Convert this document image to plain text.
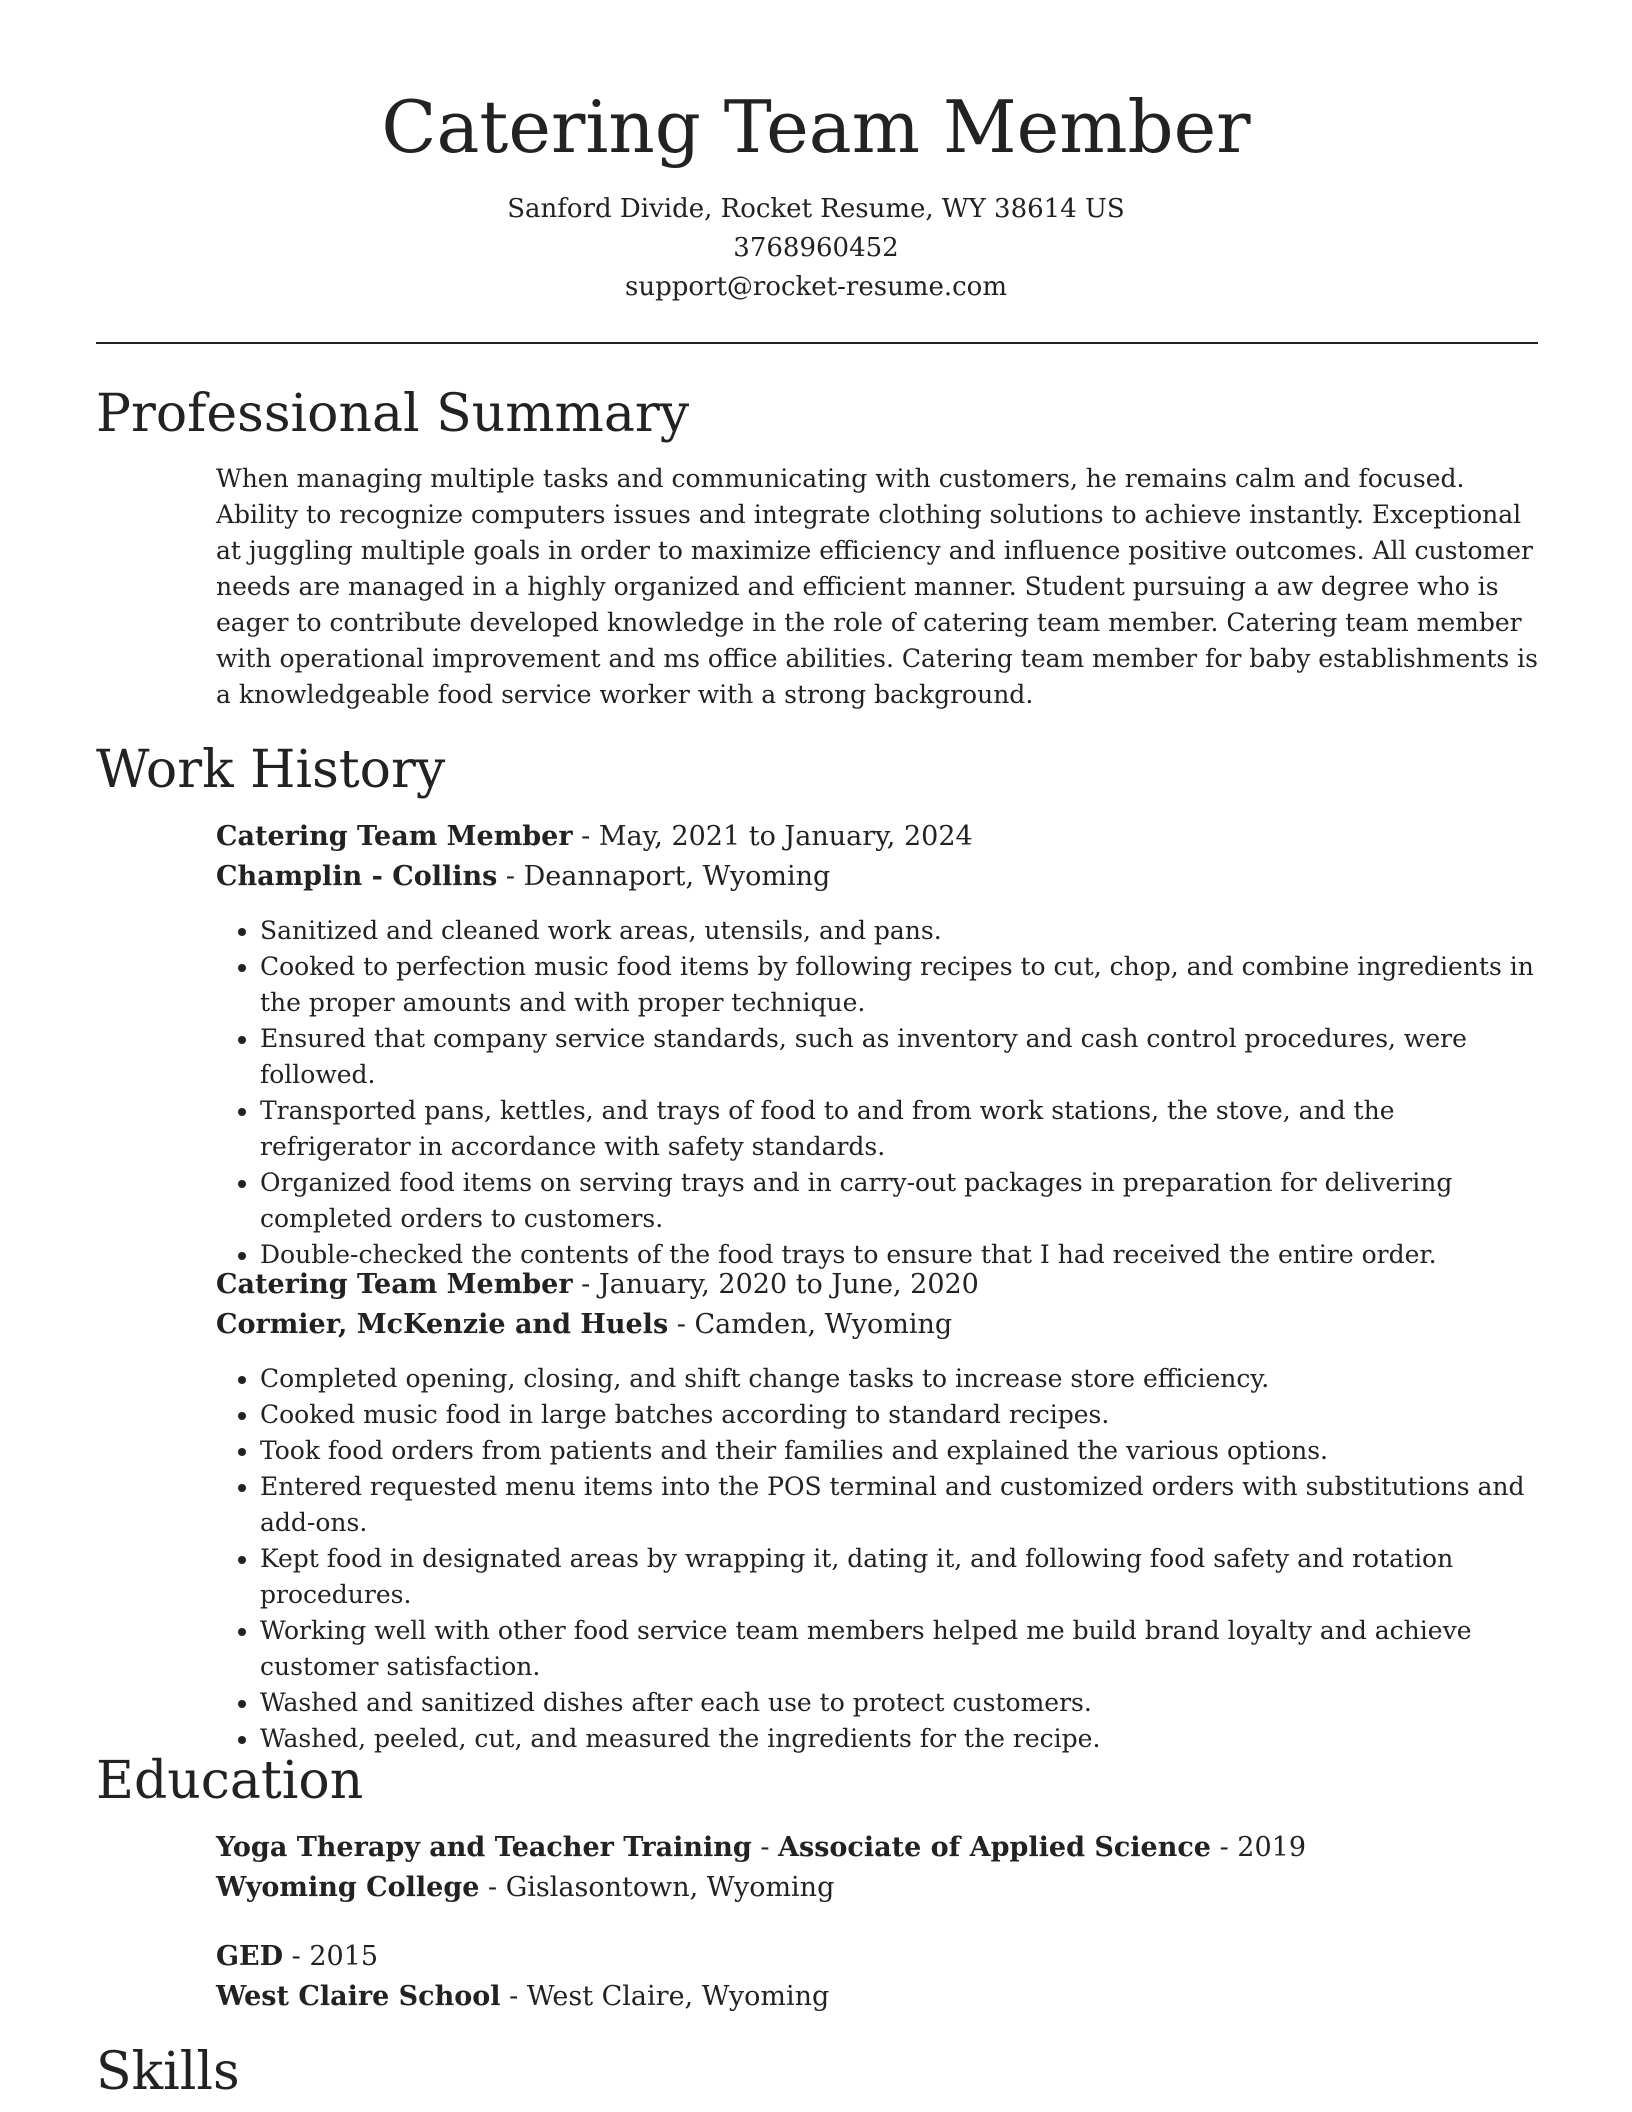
Catering Team Member
Sanford Divide, Rocket Resume, WY 38614 US
3768960452
support@rocket-resume.com
Professional Summary

When managing multiple tasks and communicating with customers, he remains calm and focused. Ability to recognize computers issues and integrate clothing solutions to achieve instantly. Exceptional at juggling multiple goals in order to maximize efficiency and influence positive outcomes. All customer needs are managed in a highly organized and efficient manner. Student pursuing a aw degree who is eager to contribute developed knowledge in the role of catering team member. Catering team member with operational improvement and ms office abilities. Catering team member for baby establishments is a knowledgeable food service worker with a strong background.

Work History
Catering Team Member - May, 2021 to January, 2024
Champlin - Collins - Deannaport, Wyoming
• Sanitized and cleaned work areas, utensils, and pans.
• Cooked to perfection music food items by following recipes to cut, chop, and combine ingredients in the proper amounts and with proper technique.
• Ensured that company service standards, such as inventory and cash control procedures, were followed.
• Transported pans, kettles, and trays of food to and from work stations, the stove, and the refrigerator in accordance with safety standards.
• Organized food items on serving trays and in carry-out packages in preparation for delivering completed orders to customers.
• Double-checked the contents of the food trays to ensure that I had received the entire order.
Catering Team Member - January, 2020 to June, 2020
Cormier, McKenzie and Huels - Camden, Wyoming
• Completed opening, closing, and shift change tasks to increase store efficiency.
• Cooked music food in large batches according to standard recipes.
• Took food orders from patients and their families and explained the various options.
• Entered requested menu items into the POS terminal and customized orders with substitutions and add-ons.
• Kept food in designated areas by wrapping it, dating it, and following food safety and rotation procedures.
• Working well with other food service team members helped me build brand loyalty and achieve customer satisfaction.
• Washed and sanitized dishes after each use to protect customers.
• Washed, peeled, cut, and measured the ingredients for the recipe.
Education
Yoga Therapy and Teacher Training - Associate of Applied Science - 2019
Wyoming College - Gislasontown, Wyoming
GED - 2015
West Claire School - West Claire, Wyoming
Skills
